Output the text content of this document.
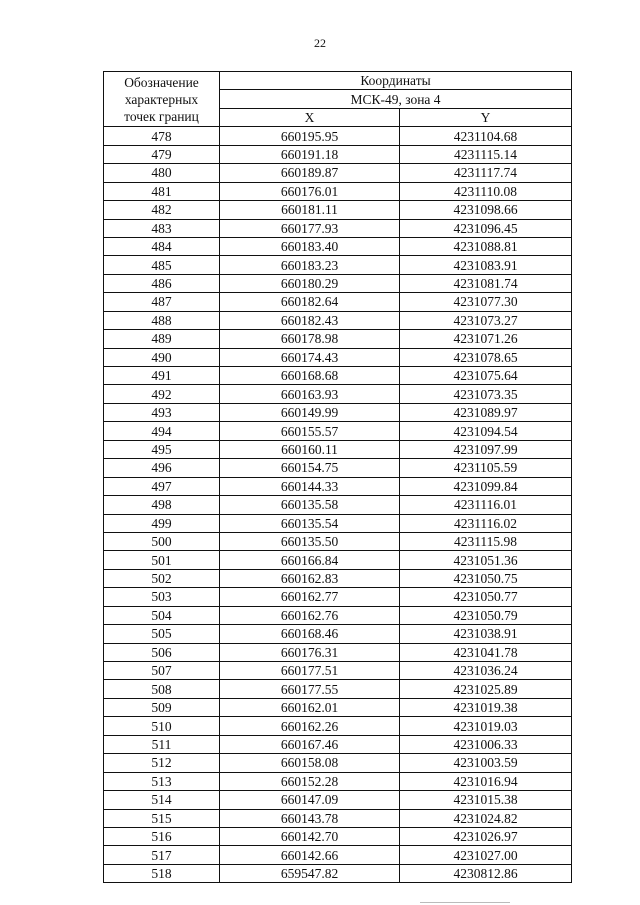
22
Обозначение
характерных
точек границ	Координаты	

	МСК-49, зона 4	

	X	Y
478	660195.95	4231104.68
479	660191.18	4231115.14
480	660189.87	4231117.74
481	660176.01	4231110.08
482	660181.11	4231098.66
483	660177.93	4231096.45
484	660183.40	4231088.81
485	660183.23	4231083.91
486	660180.29	4231081.74
487	660182.64	4231077.30
488	660182.43	4231073.27
489	660178.98	4231071.26
490	660174.43	4231078.65
491	660168.68	4231075.64
492	660163.93	4231073.35
493	660149.99	4231089.97
494	660155.57	4231094.54
495	660160.11	4231097.99
496	660154.75	4231105.59
497	660144.33	4231099.84
498	660135.58	4231116.01
499	660135.54	4231116.02
500	660135.50	4231115.98
501	660166.84	4231051.36
502	660162.83	4231050.75
503	660162.77	4231050.77
504	660162.76	4231050.79
505	660168.46	4231038.91
506	660176.31	4231041.78
507	660177.51	4231036.24
508	660177.55	4231025.89
509	660162.01	4231019.38
510	660162.26	4231019.03
511	660167.46	4231006.33
512	660158.08	4231003.59
513	660152.28	4231016.94
514	660147.09	4231015.38
515	660143.78	4231024.82
516	660142.70	4231026.97
517	660142.66	4231027.00
518	659547.82	4230812.86
